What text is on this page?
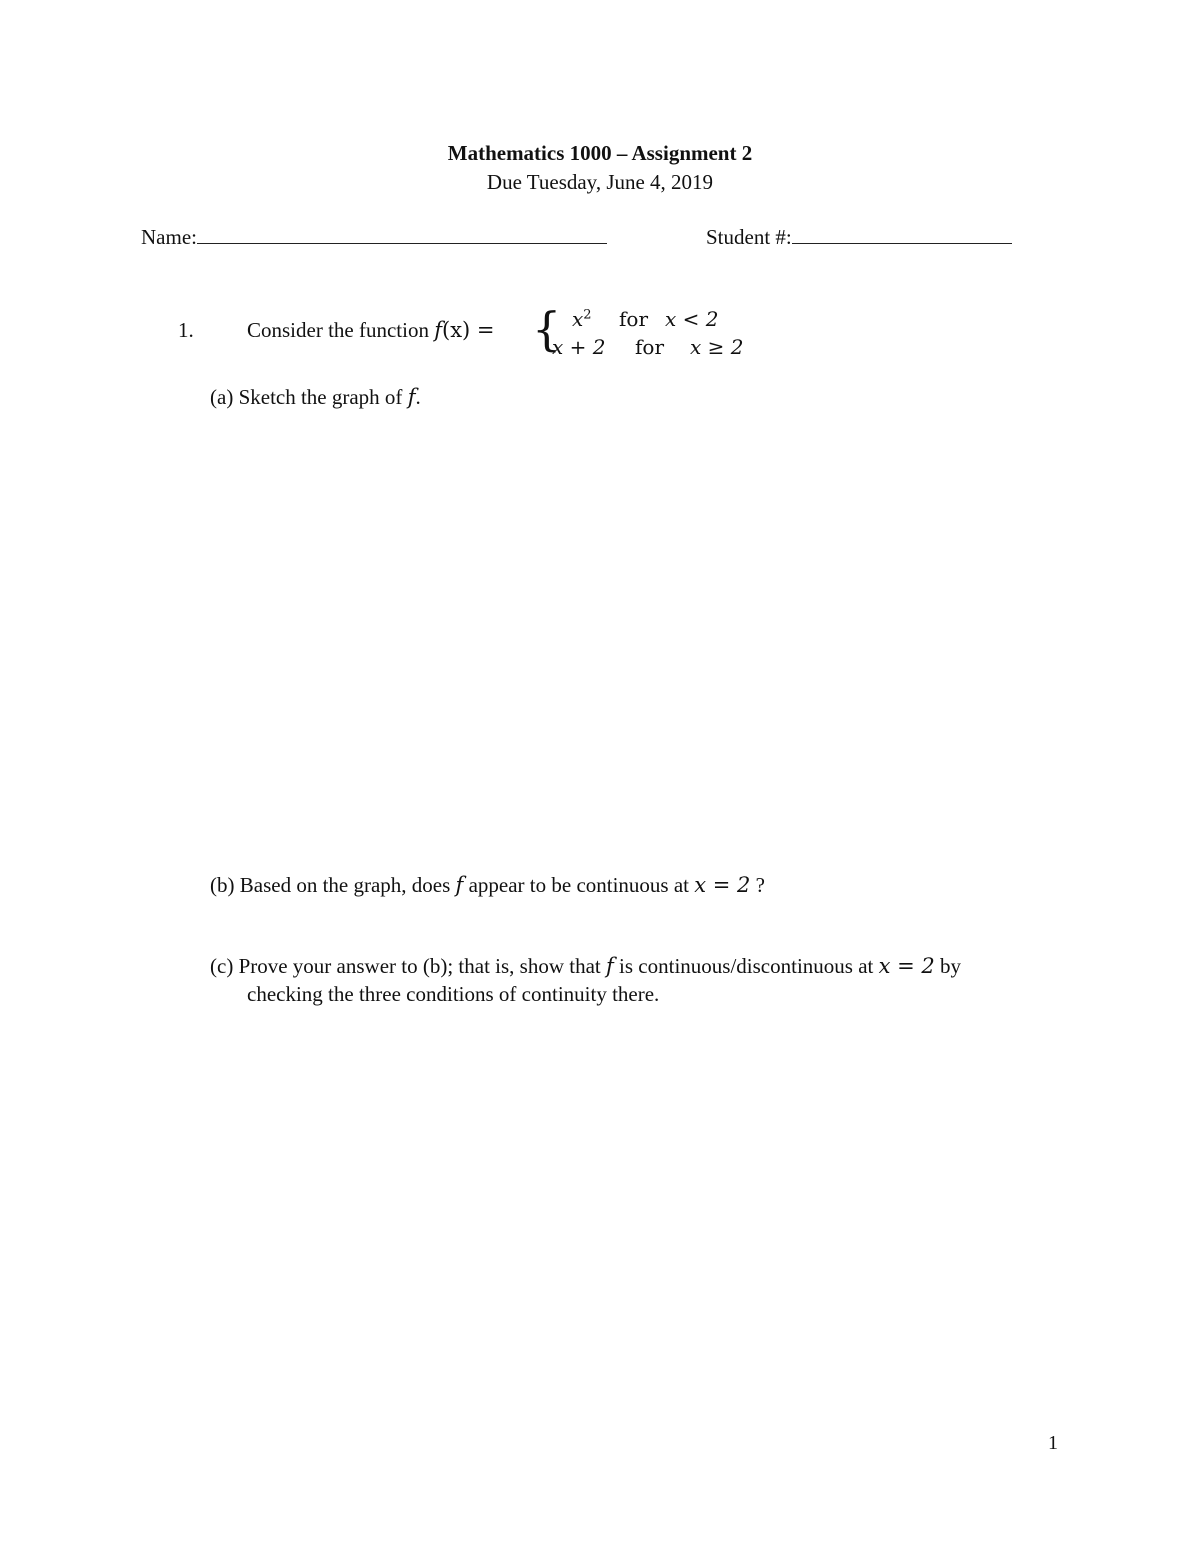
Mathematics 1000 – Assignment 2
Due Tuesday, June 4, 2019
Name:	Student #:
1.	Consider the function f(x) = { $x^2$ for x < 2
x + 2 for x ≥ 2
(a) Sketch the graph of f.
(b) Based on the graph, does f appear to be continuous at x = 2 ?
(c) Prove your answer to (b); that is, show that f is continuous/discontinuous at x = 2 by
checking the three conditions of continuity there.
1
